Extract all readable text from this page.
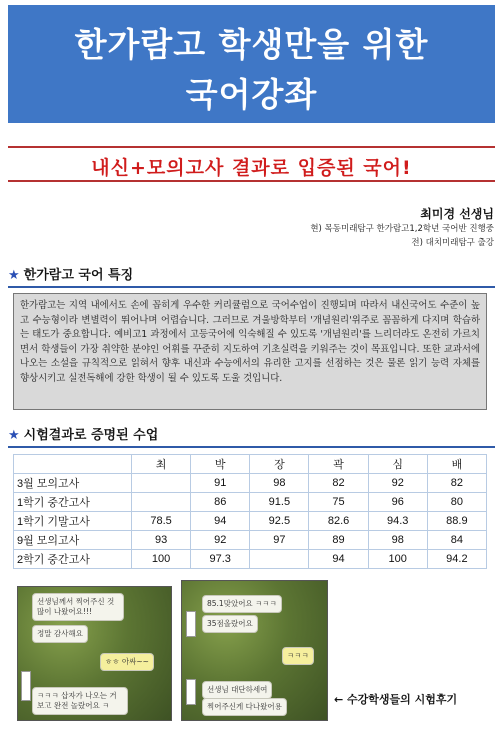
한가람고 학생만을 위한
국어강좌
내신+모의고사 결과로 입증된 국어!
최미경 선생님
현) 목동미래탐구 한가람고1,2학년 국어반 진행중
전) 대치미래탐구 출강
★ 한가람고 국어 특징
한가람고는 지역 내에서도 손에 꼽히게 우수한 커리큘럼으로 국어수업이 진행되며 따라서 내신국어도 수준이 높고 수능형이라 변별력이 뛰어나며 어렵습니다. 그러므로 겨울방학부터 '개념원리'위주로 꼼꼼하게 다지며 학습하는 태도가 중요합니다. 예비고1 과정에서 고등국어에 익숙해질 수 있도록 '개념원리'를 느리더라도 온전히 가르치면서 학생들이 가장 취약한 분야인 어휘를 꾸준히 지도하여 기초실력을 키워주는 것이 목표입니다. 또한 교과서에 나오는 소설을 규칙적으로 읽혀서 향후 내신과 수능에서의 유리한 고지를 선점하는 것은 물론 읽기 능력 자체를 향상시키고 실전독해에 강한 학생이 될 수 있도록 도울 것입니다.
★ 시험결과로 증명된 수업
	최	박	장	곽	심	배
3월 모의고사		91	98	82	92	82
1학기 중간고사		86	91.5	75	96	80
1학기 기말고사	78.5	94	92.5	82.6	94.3	88.9
9월 모의고사	93	92	97	89	98	84
2학기 중간고사	100	97.3		94	100	94.2
선생님께서 찍어주신 것 많이 나왔어요!!!
정말 감사해요
ㅎㅎ 아싸~~
ㅋㅋㅋ 삽자가 나오는 거 보고 완전 놀랐어요 ㅋ
85.1맞았어요 ㅋㅋㅋ
35점올랐어요
ㅋㅋㅋ
선생님 대단하세여
찍어주신게 다나왔어용
← 수강학생들의 시험후기
